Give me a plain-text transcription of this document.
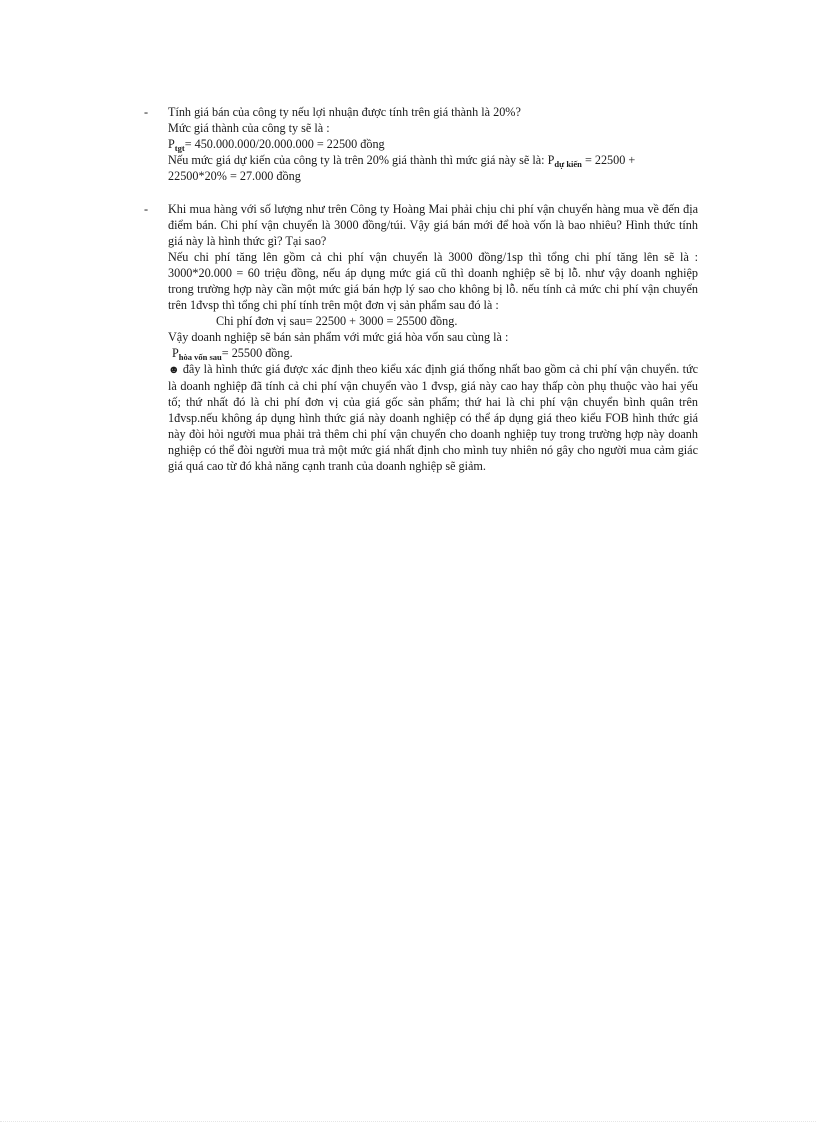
- Tính giá bán của công ty nếu lợi nhuận được tính trên giá thành là 20%?
Mức giá thành của công ty sẽ là :
$P_{tgt}= 450.000.000/20.000.000 = 22500$ đồng
Nếu mức giá dự kiến của công ty là trên 20% giá thành thì mức giá này sẽ là: $P_{dự kiến} = 22500$ +
22500*20% = 27.000 đồng
- Khi mua hàng với số lượng như trên Công ty Hoàng Mai phải chịu chi phí vận chuyển hàng mua về đến địa điểm bán. Chi phí vận chuyển là 3000 đồng/túi. Vậy giá bán mới để hoà vốn là bao nhiêu? Hình thức tính giá này là hình thức gì? Tại sao?
Nếu chi phí tăng lên gồm cả chi phí vận chuyển là 3000 đồng/1sp thì tổng chi phí tăng lên sẽ là : 3000*20.000 = 60 triệu đồng, nếu áp dụng mức giá cũ thì doanh nghiệp sẽ bị lỗ. như vậy doanh nghiệp trong trường hợp này cần một mức giá bán hợp lý sao cho không bị lỗ. nếu tính cả mức chi phí vận chuyển trên 1đvsp thì tổng chi phí tính trên một đơn vị sản phẩm sau đó là :
Chi phí đơn vị sau= 22500 + 3000 = 25500 đồng.
Vậy doanh nghiệp sẽ bán sản phẩm với mức giá hòa vốn sau cùng là :
$P_{hòa vốn sau}= 25500$ đồng.
☻ đây là hình thức giá được xác định theo kiểu xác định giá thống nhất bao gồm cả chi phí vận chuyển. tức là doanh nghiệp đã tính cả chi phí vận chuyển vào 1 đvsp, giá này cao hay thấp còn phụ thuộc vào hai yếu tố; thứ nhất đó là chi phí đơn vị của giá gốc sản phẩm; thứ hai là chi phí vận chuyển bình quân trên 1đvsp.nếu không áp dụng hình thức giá này doanh nghiệp có thể áp dụng giá theo kiểu FOB hình thức giá này đòi hỏi người mua phải trả thêm chi phí vận chuyển cho doanh nghiệp tuy trong trường hợp này doanh nghiệp có thể đòi người mua trả một mức giá nhất định cho mình tuy nhiên nó gây cho người mua cảm giác giá quá cao từ đó khả năng cạnh tranh của doanh nghiệp sẽ giảm.
